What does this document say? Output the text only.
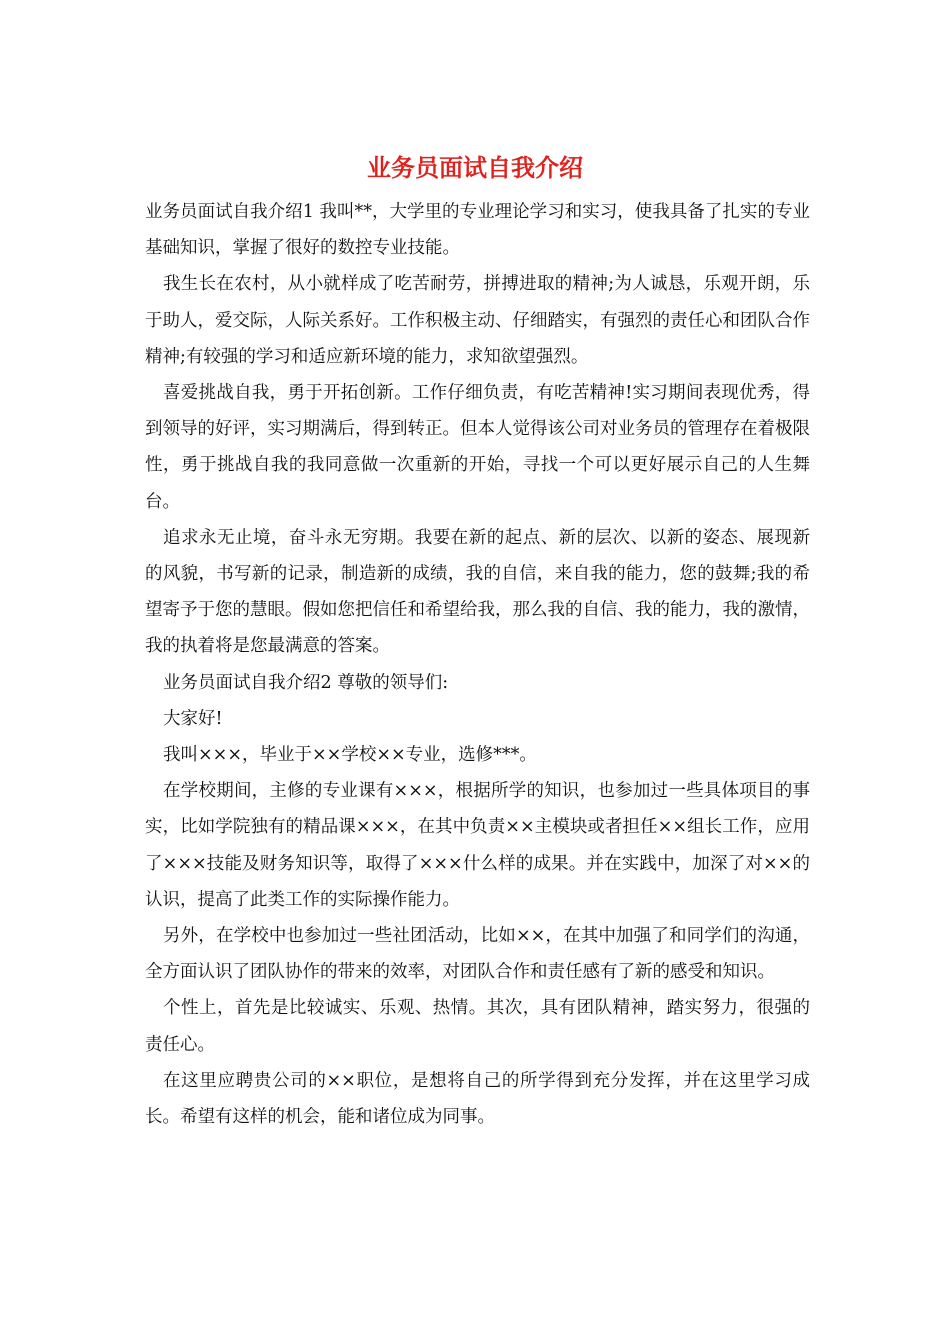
业务员面试自我介绍

业务员面试自我介绍1 我叫**，大学里的专业理论学习和实习，使我具备了扎实的专业基础知识，掌握了很好的数控专业技能。

我生长在农村，从小就样成了吃苦耐劳，拼搏进取的精神;为人诚恳，乐观开朗，乐于助人，爱交际，人际关系好。工作积极主动、仔细踏实，有强烈的责任心和团队合作精神;有较强的学习和适应新环境的能力，求知欲望强烈。

喜爱挑战自我，勇于开拓创新。工作仔细负责，有吃苦精神!实习期间表现优秀，得到领导的好评，实习期满后，得到转正。但本人觉得该公司对业务员的管理存在着极限性，勇于挑战自我的我同意做一次重新的开始，寻找一个可以更好展示自己的人生舞台。

追求永无止境，奋斗永无穷期。我要在新的起点、新的层次、以新的姿态、展现新的风貌，书写新的记录，制造新的成绩，我的自信，来自我的能力，您的鼓舞;我的希望寄予于您的慧眼。假如您把信任和希望给我，那么我的自信、我的能力，我的激情，我的执着将是您最满意的答案。

业务员面试自我介绍2 尊敬的领导们:

大家好!

我叫×××，毕业于××学校××专业，选修***。

在学校期间，主修的专业课有×××，根据所学的知识，也参加过一些具体项目的事实，比如学院独有的精品课×××，在其中负责××主模块或者担任××组长工作，应用了×××技能及财务知识等，取得了×××什么样的成果。并在实践中，加深了对××的认识，提高了此类工作的实际操作能力。

另外，在学校中也参加过一些社团活动，比如××，在其中加强了和同学们的沟通，全方面认识了团队协作的带来的效率，对团队合作和责任感有了新的感受和知识。

个性上，首先是比较诚实、乐观、热情。其次，具有团队精神，踏实努力，很强的责任心。

在这里应聘贵公司的××职位，是想将自己的所学得到充分发挥，并在这里学习成长。希望有这样的机会，能和诸位成为同事。
